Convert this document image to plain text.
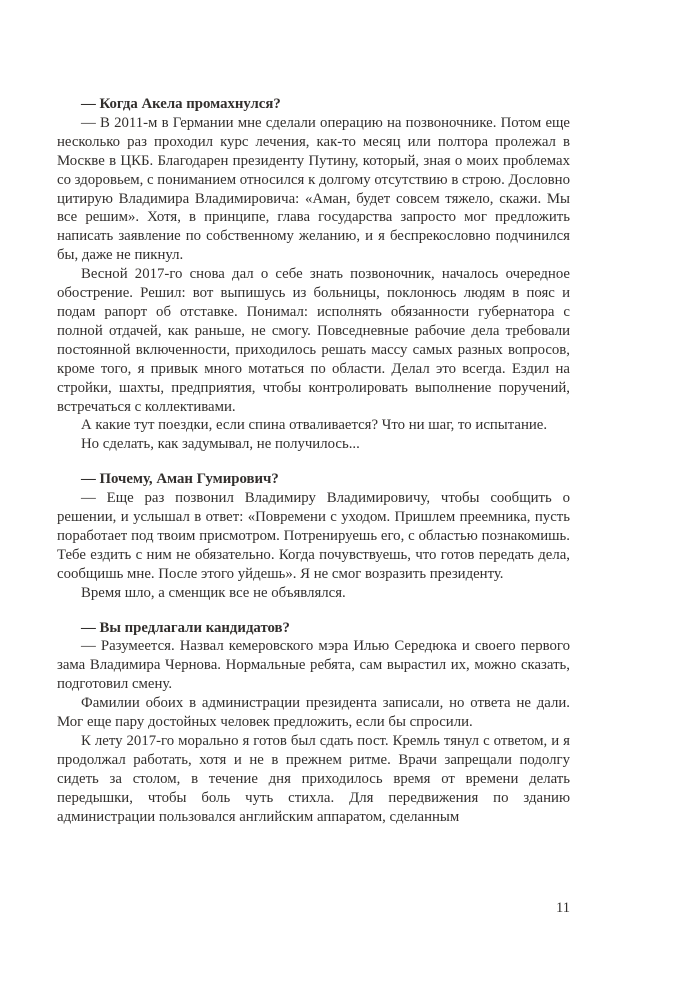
— Когда Акела промахнулся?

— В 2011-м в Германии мне сделали операцию на позвоночнике. Потом еще несколько раз проходил курс лечения, как-то месяц или полтора пролежал в Москве в ЦКБ. Благодарен президенту Путину, который, зная о моих проблемах со здоровьем, с пониманием относился к долгому отсутствию в строю. Дословно цитирую Владимира Владимировича: «Аман, будет совсем тяжело, скажи. Мы все решим». Хотя, в принципе, глава государства запросто мог предложить написать заявление по собственному желанию, и я беспрекословно подчинился бы, даже не пикнул.

Весной 2017-го снова дал о себе знать позвоночник, началось очередное обострение. Решил: вот выпишусь из больницы, поклонюсь людям в пояс и подам рапорт об отставке. Понимал: исполнять обязанности губернатора с полной отдачей, как раньше, не смогу. Повседневные рабочие дела требовали постоянной включенности, приходилось решать массу самых разных вопросов, кроме того, я привык много мотаться по области. Делал это всегда. Ездил на стройки, шахты, предприятия, чтобы контролировать выполнение поручений, встречаться с коллективами.

А какие тут поездки, если спина отваливается? Что ни шаг, то испытание.

Но сделать, как задумывал, не получилось...

— Почему, Аман Гумирович?

— Еще раз позвонил Владимиру Владимировичу, чтобы сообщить о решении, и услышал в ответ: «Повремени с уходом. Пришлем преемника, пусть поработает под твоим присмотром. Потренируешь его, с областью познакомишь. Тебе ездить с ним не обязательно. Когда почувствуешь, что готов передать дела, сообщишь мне. После этого уйдешь». Я не смог возразить президенту.

Время шло, а сменщик все не объявлялся.

— Вы предлагали кандидатов?

— Разумеется. Назвал кемеровского мэра Илью Середюка и своего первого зама Владимира Чернова. Нормальные ребята, сам вырастил их, можно сказать, подготовил смену.

Фамилии обоих в администрации президента записали, но ответа не дали. Мог еще пару достойных человек предложить, если бы спросили.

К лету 2017-го морально я готов был сдать пост. Кремль тянул с ответом, и я продолжал работать, хотя и не в прежнем ритме. Врачи запрещали подолгу сидеть за столом, в течение дня приходилось время от времени делать передышки, чтобы боль чуть стихла. Для передвижения по зданию администрации пользовался английским аппаратом, сделанным

11
